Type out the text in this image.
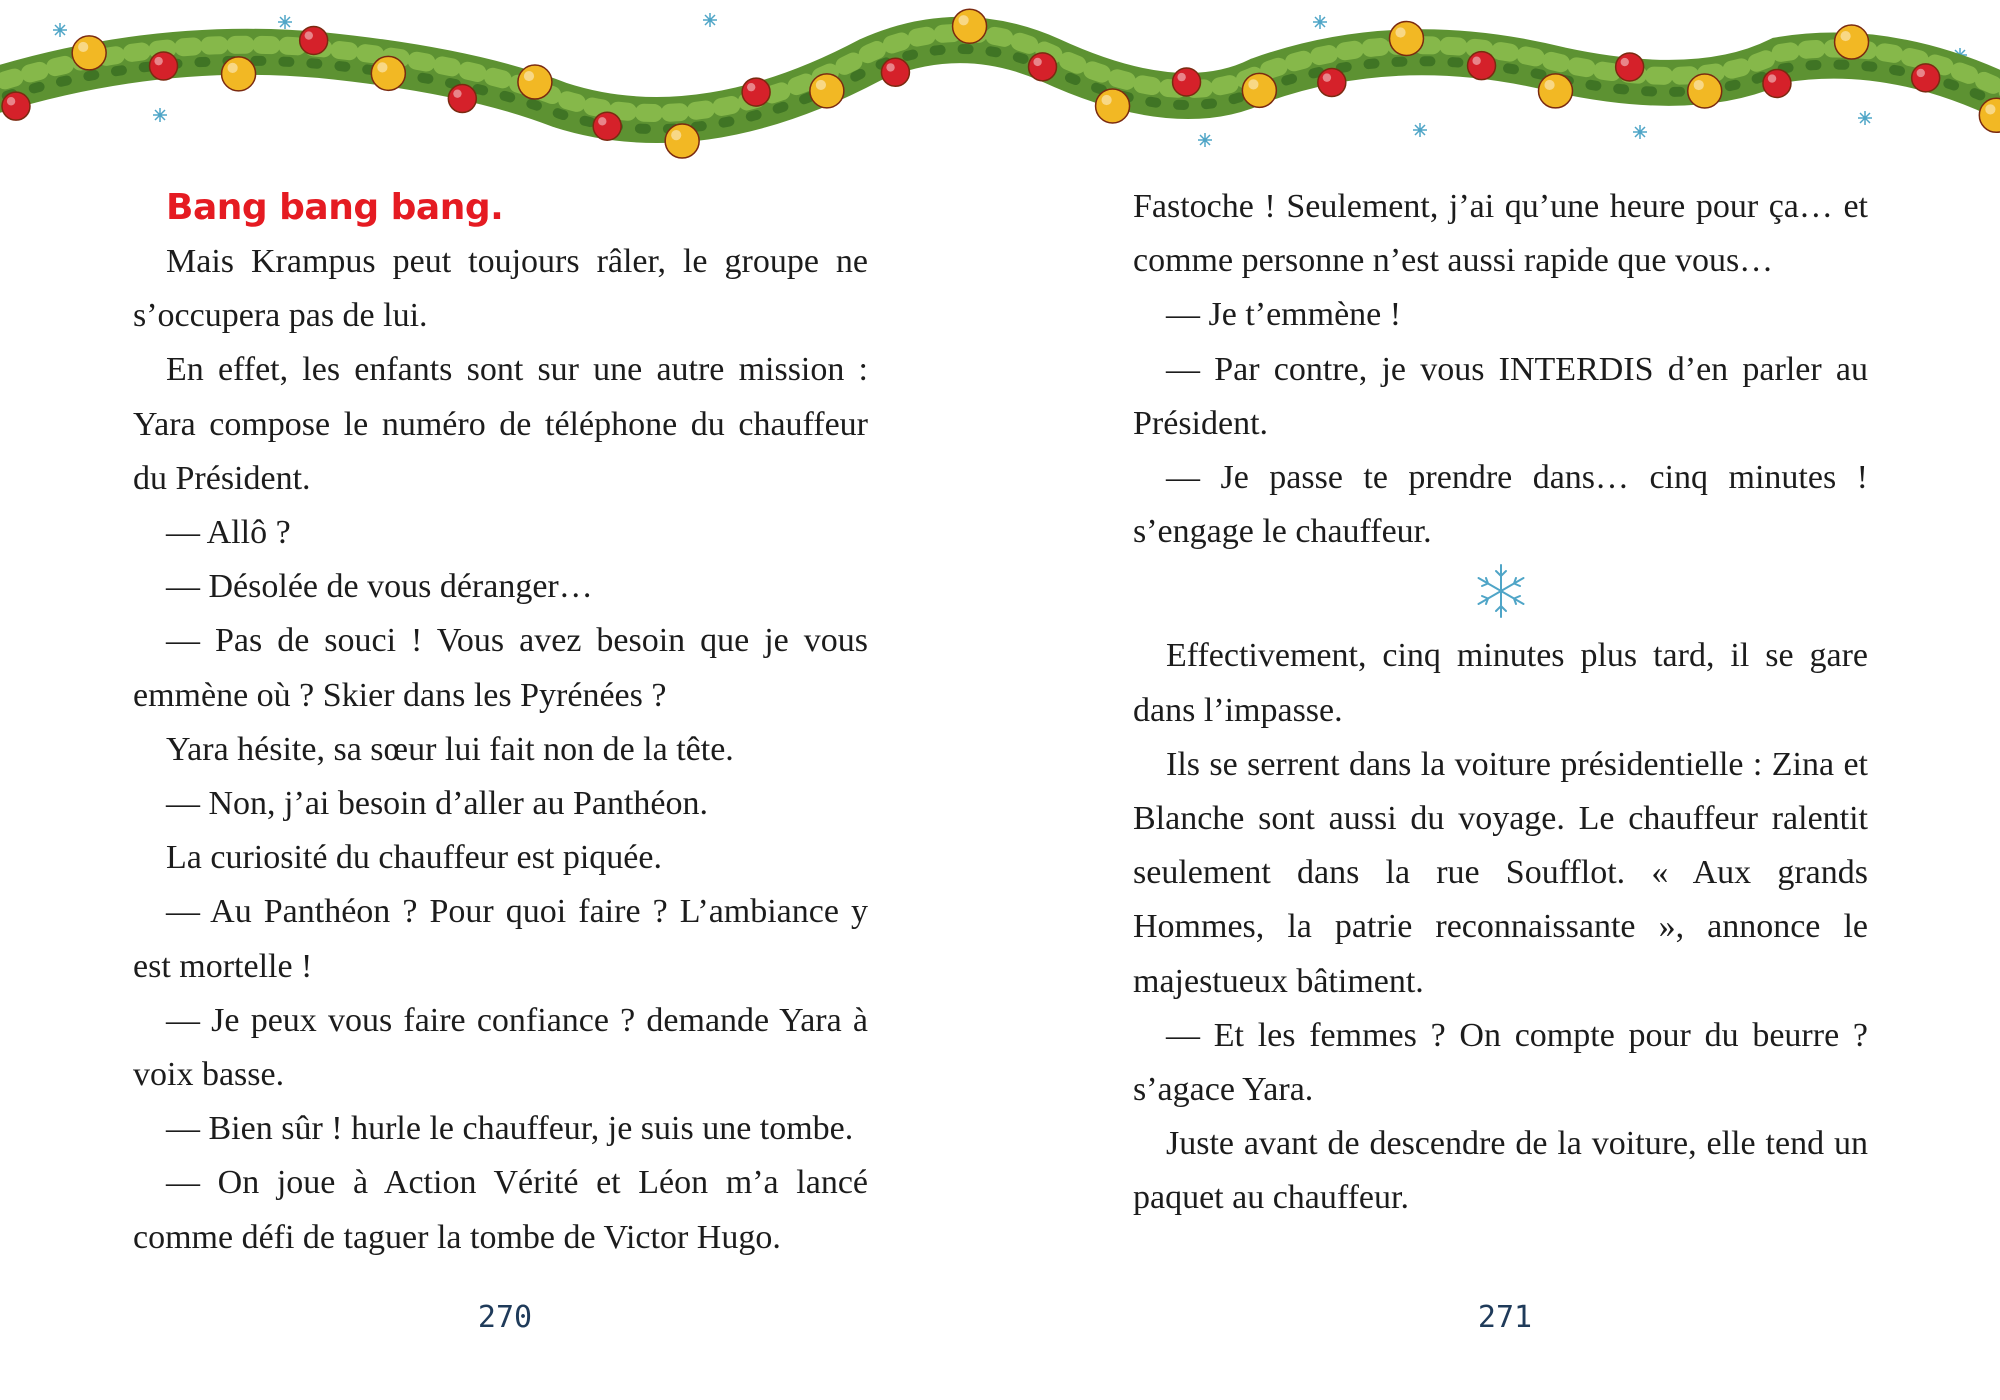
Bang bang bang.

Mais Krampus peut toujours râler, le groupe ne s’occupera pas de lui.

En effet, les enfants sont sur une autre mission : Yara compose le numéro de téléphone du chauffeur du Président.

— Allô ?

— Désolée de vous déranger…

— Pas de souci ! Vous avez besoin que je vous emmène où ? Skier dans les Pyrénées ?

Yara hésite, sa sœur lui fait non de la tête.

— Non, j’ai besoin d’aller au Panthéon.

La curiosité du chauffeur est piquée.

— Au Panthéon ? Pour quoi faire ? L’ambiance y est mortelle !

— Je peux vous faire confiance ? demande Yara à voix basse.

— Bien sûr ! hurle le chauffeur, je suis une tombe.

— On joue à Action Vérité et Léon m’a lancé comme défi de taguer la tombe de Victor Hugo.

Fastoche ! Seulement, j’ai qu’une heure pour ça… et comme personne n’est aussi rapide que vous…

— Je t’emmène !

— Par contre, je vous INTERDIS d’en parler au Président.

— Je passe te prendre dans… cinq minutes ! s’engage le chauffeur.

Effectivement, cinq minutes plus tard, il se gare dans l’impasse.

Ils se serrent dans la voiture présidentielle : Zina et Blanche sont aussi du voyage. Le chauffeur ralentit seulement dans la rue Soufflot. « Aux grands Hommes, la patrie reconnaissante », annonce le majestueux bâtiment.

— Et les femmes ? On compte pour du beurre ? s’agace Yara.

Juste avant de descendre de la voiture, elle tend un paquet au chauffeur.

270	271
